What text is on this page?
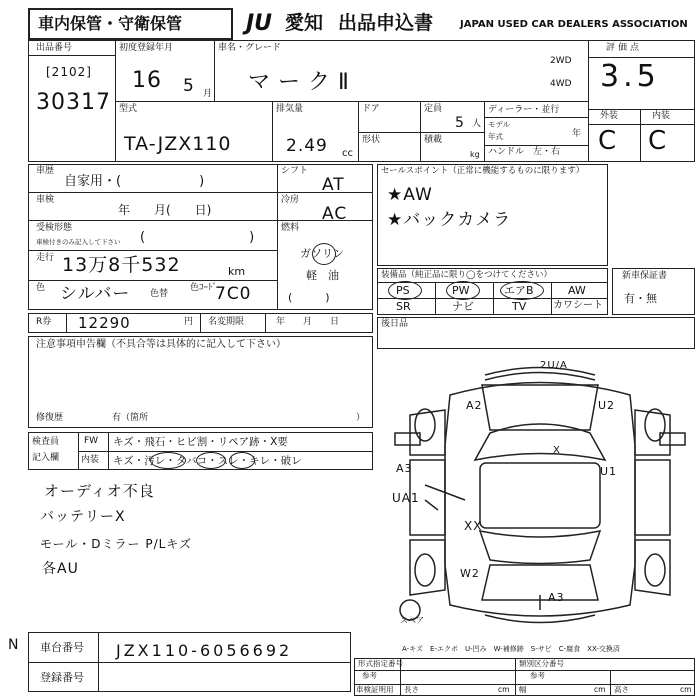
車内保管・守衛保管	JU 愛知 出品申込書	JAPAN USED CAR DEALERS ASSOCIATION
出品番号
[2102]
30317
初度登録年月
16 5 月
車名・グレード
マークⅡ
2WD
4WD
評価点
3.5
型式
TA-JZX110
排気量
2.49 cc
ドア
形状
定員
5 人
積載
kg
ディーラー・並行
モデル
年式	年
ハンドル　左・右
外装	内装
C C
車歴
自家用・(　　　　　　)
車検
年　　月(　　日)
受検形態
車検付きのみ記入して下さい (　　　　　　　　)
走行 13万8千532	km
色 シルバー 色替
色ｺｰﾄﾞ
7C0
シフト
AT
冷房
AC
燃料
ガソリン
軽　油
(　　　)
セールスポイント（正常に機能するものに限ります）
★AW
★バックカメラ
装備品（純正品に限り◯をつけてください）
PS	PW	エアB	AW
SR	ナビ	TV	カワシート
新車保証書
有・無
R券 12290	円 名変期限	年　　月　　日	後日品
注意事項申告欄（不具合等は具体的に記入して下さい）
修復歴	有（箇所	）
検査員
記入欄
FW キズ・飛石・ヒビ割・リペア跡・X要
内装 キズ・汚レ・タバコ・スレ・キレ・破レ
オーディオ不良
バッテリーX
モール・Dミラー P/Lキズ
各AU
2U/A
A2	U2
X
A3	U1
UA1
XX
W2
A3
スペア
A-キズ　E-エクボ　U-凹み　W-補修跡　S-サビ　C-腐食　XX-交換済
N 車台番号 JZX110-6056692
登録番号
形式指定番号	類別区分番号
参考	参考
車検証明用 長さ	cm 幅	cm 高さ	cm
